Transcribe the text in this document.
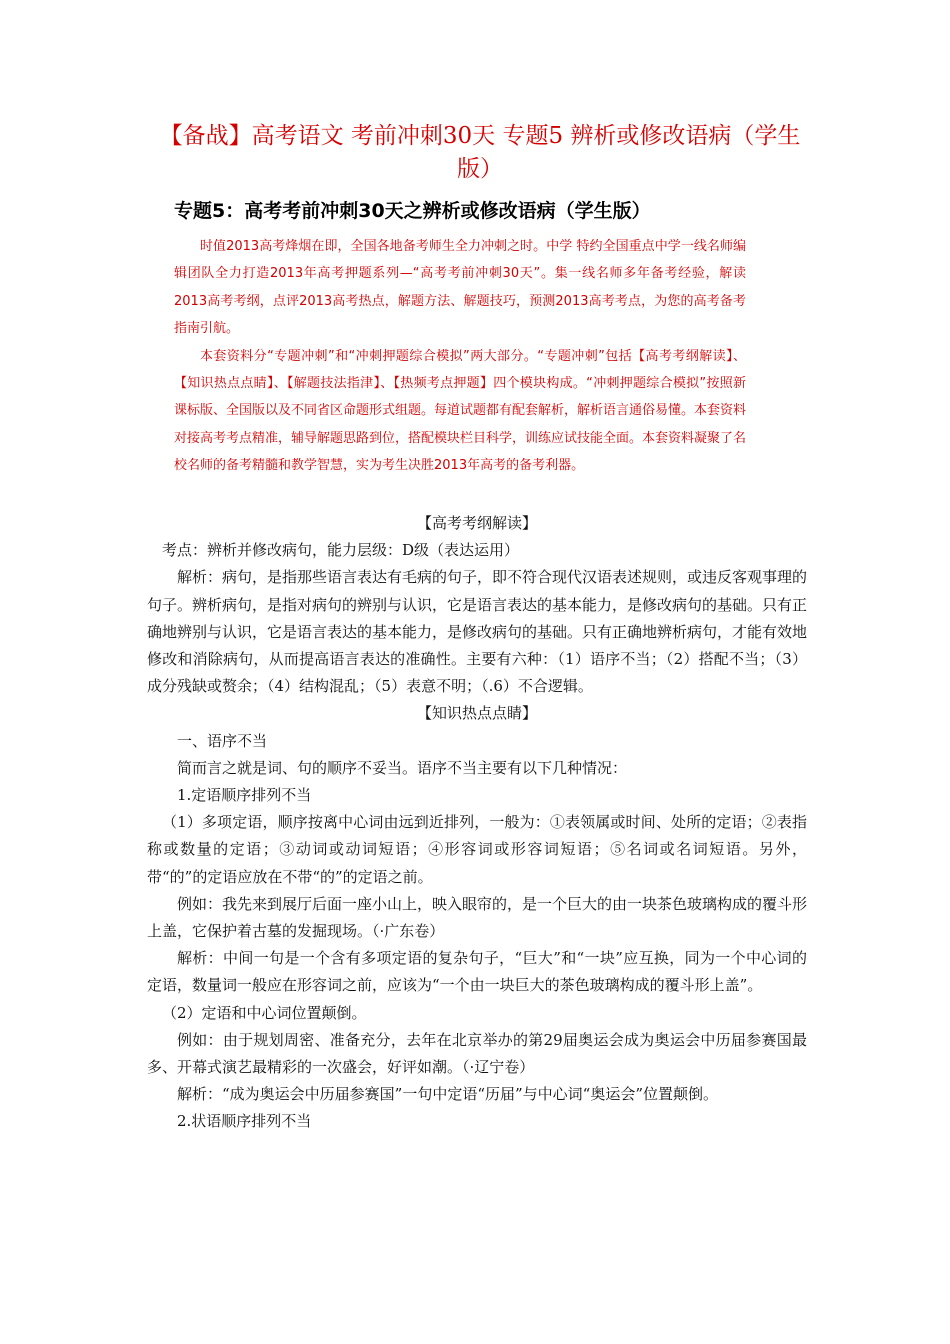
【备战】高考语文 考前冲刺30天 专题5 辨析或修改语病（学生版）
专题5：高考考前冲刺30天之辨析或修改语病（学生版）

时值2013高考烽烟在即，全国各地备考师生全力冲刺之时。中学 特约全国重点中学一线名师编辑团队全力打造2013年高考押题系列—“高考考前冲刺30天”。集一线名师多年备考经验，解读2013高考考纲，点评2013高考热点，解题方法、解题技巧，预测2013高考考点，为您的高考备考指南引航。

本套资料分“专题冲刺”和“冲刺押题综合模拟”两大部分。“专题冲刺”包括【高考考纲解读】、【知识热点点睛】、【解题技法指津】、【热频考点押题】四个模块构成。“冲刺押题综合模拟”按照新课标版、全国版以及不同省区命题形式组题。每道试题都有配套解析，解析语言通俗易懂。本套资料对接高考考点精准，辅导解题思路到位，搭配模块栏目科学，训练应试技能全面。本套资料凝聚了名校名师的备考精髓和教学智慧，实为考生决胜2013年高考的备考利器。

【高考考纲解读】

考点：辨析并修改病句，能力层级：D级（表达运用）

解析：病句，是指那些语言表达有毛病的句子，即不符合现代汉语表述规则，或违反客观事理的句子。辨析病句，是指对病句的辨别与认识，它是语言表达的基本能力，是修改病句的基础。只有正确地辨别与认识，它是语言表达的基本能力，是修改病句的基础。只有正确地辨析病句，才能有效地修改和消除病句，从而提高语言表达的准确性。主要有六种：（1）语序不当；（2）搭配不当；（3）成分残缺或赘余；（4）结构混乱；（5）表意不明；（.6）不合逻辑。

【知识热点点睛】

一、语序不当

简而言之就是词、句的顺序不妥当。语序不当主要有以下几种情况：

1.定语顺序排列不当

（1）多项定语，顺序按离中心词由远到近排列，一般为：①表领属或时间、处所的定语；②表指称或数量的定语；③动词或动词短语；④形容词或形容词短语；⑤名词或名词短语。另外，带“的”的定语应放在不带“的”的定语之前。

例如：我先来到展厅后面一座小山上，映入眼帘的，是一个巨大的由一块茶色玻璃构成的覆斗形上盖，它保护着古墓的发掘现场。（·广东卷）

解析：中间一句是一个含有多项定语的复杂句子，“巨大”和“一块”应互换，同为一个中心词的定语，数量词一般应在形容词之前，应该为“一个由一块巨大的茶色玻璃构成的覆斗形上盖”。

（2）定语和中心词位置颠倒。

例如：由于规划周密、准备充分，去年在北京举办的第29届奥运会成为奥运会中历届参赛国最多、开幕式演艺最精彩的一次盛会，好评如潮。（·辽宁卷）

解析：“成为奥运会中历届参赛国”一句中定语“历届”与中心词“奥运会”位置颠倒。

2.状语顺序排列不当
